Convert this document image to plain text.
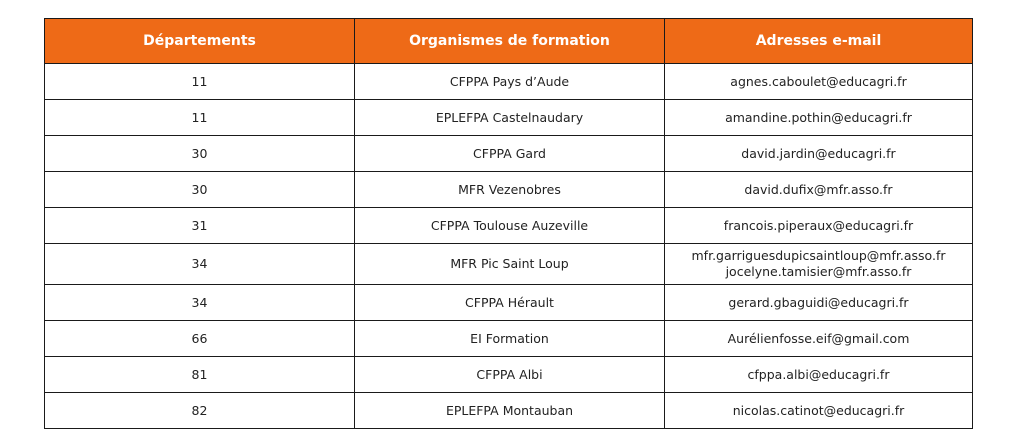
Départements	Organismes de formation	Adresses e-mail
11	CFPPA Pays d’Aude	agnes.caboulet@educagri.fr
11	EPLEFPA Castelnaudary	amandine.pothin@educagri.fr
30	CFPPA Gard	david.jardin@educagri.fr
30	MFR Vezenobres	david.dufix@mfr.asso.fr
31	CFPPA Toulouse Auzeville	francois.piperaux@educagri.fr
34	MFR Pic Saint Loup	mfr.garriguesdupicsaintloup@mfr.asso.fr
jocelyne.tamisier@mfr.asso.fr

34	CFPPA Hérault	gerard.gbaguidi@educagri.fr
66	EI Formation	Aurélienfosse.eif@gmail.com
81	CFPPA Albi	cfppa.albi@educagri.fr
82	EPLEFPA Montauban	nicolas.catinot@educagri.fr
